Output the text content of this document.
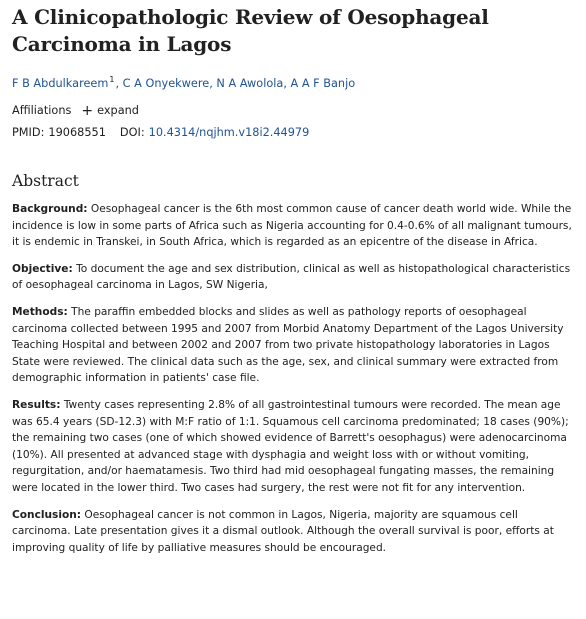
A Clinicopathologic Review of Oesophageal Carcinoma in Lagos
F B Abdulkareem$^1$, C A Onyekwere, N A Awolola, A A F Banjo
Affiliations + expand
PMID: 19068551 DOI: 10.4314/nqjhm.v18i2.44979
Abstract
Background: Oesophageal cancer is the 6th most common cause of cancer death world wide. While the incidence is low in some parts of Africa such as Nigeria accounting for 0.4-0.6% of all malignant tumours, it is endemic in Transkei, in South Africa, which is regarded as an epicentre of the disease in Africa.
Objective: To document the age and sex distribution, clinical as well as histopathological characteristics of oesophageal carcinoma in Lagos, SW Nigeria,
Methods: The paraffin embedded blocks and slides as well as pathology reports of oesophageal carcinoma collected between 1995 and 2007 from Morbid Anatomy Department of the Lagos University Teaching Hospital and between 2002 and 2007 from two private histopathology laboratories in Lagos State were reviewed. The clinical data such as the age, sex, and clinical summary were extracted from demographic information in patients' case file.
Results: Twenty cases representing 2.8% of all gastrointestinal tumours were recorded. The mean age was 65.4 years (SD-12.3) with M:F ratio of 1:1. Squamous cell carcinoma predominated; 18 cases (90%); the remaining two cases (one of which showed evidence of Barrett's oesophagus) were adenocarcinoma (10%). All presented at advanced stage with dysphagia and weight loss with or without vomiting, regurgitation, and/or haematamesis. Two third had mid oesophageal fungating masses, the remaining were located in the lower third. Two cases had surgery, the rest were not fit for any intervention.
Conclusion: Oesophageal cancer is not common in Lagos, Nigeria, majority are squamous cell carcinoma. Late presentation gives it a dismal outlook. Although the overall survival is poor, efforts at improving quality of life by palliative measures should be encouraged.
